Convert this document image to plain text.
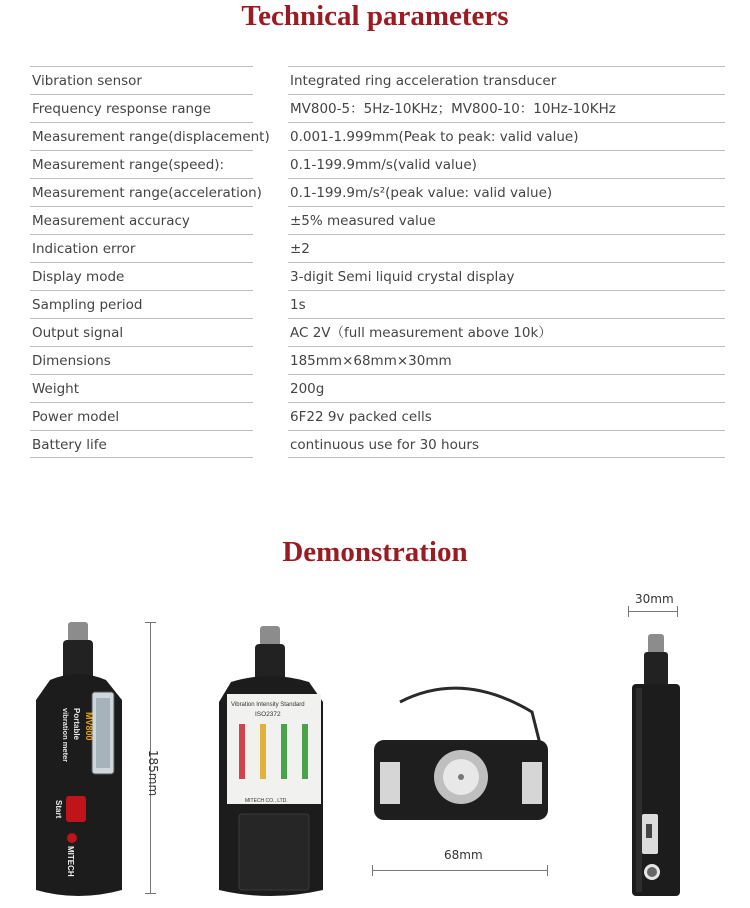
Technical parameters
Vibration sensor	Integrated ring acceleration transducer
Frequency response range	MV800-5：5Hz-10KHz；MV800-10：10Hz-10KHz
Measurement range(displacement) 0.001-1.999mm(Peak to peak: valid value)
Measurement range(speed):	0.1-199.9mm/s(valid value)
Measurement range(acceleration) 0.1-199.9m/s²(peak value: valid value)
Measurement accuracy	±5% measured value
Indication error	±2
Display mode	3-digit Semi liquid crystal display
Sampling period	1s
Output signal	AC 2V（full measurement above 10k）
Dimensions	185mm×68mm×30mm
Weight	200g
Power model	6F22 9v packed cells
Battery life	continuous use for 30 hours
Demonstration
MV800
Portable
vibration meter
Start
MITECH
185mm
Vibration Intensity Standard
ISO2372
MITECH CO., LTD.
68mm
30mm
